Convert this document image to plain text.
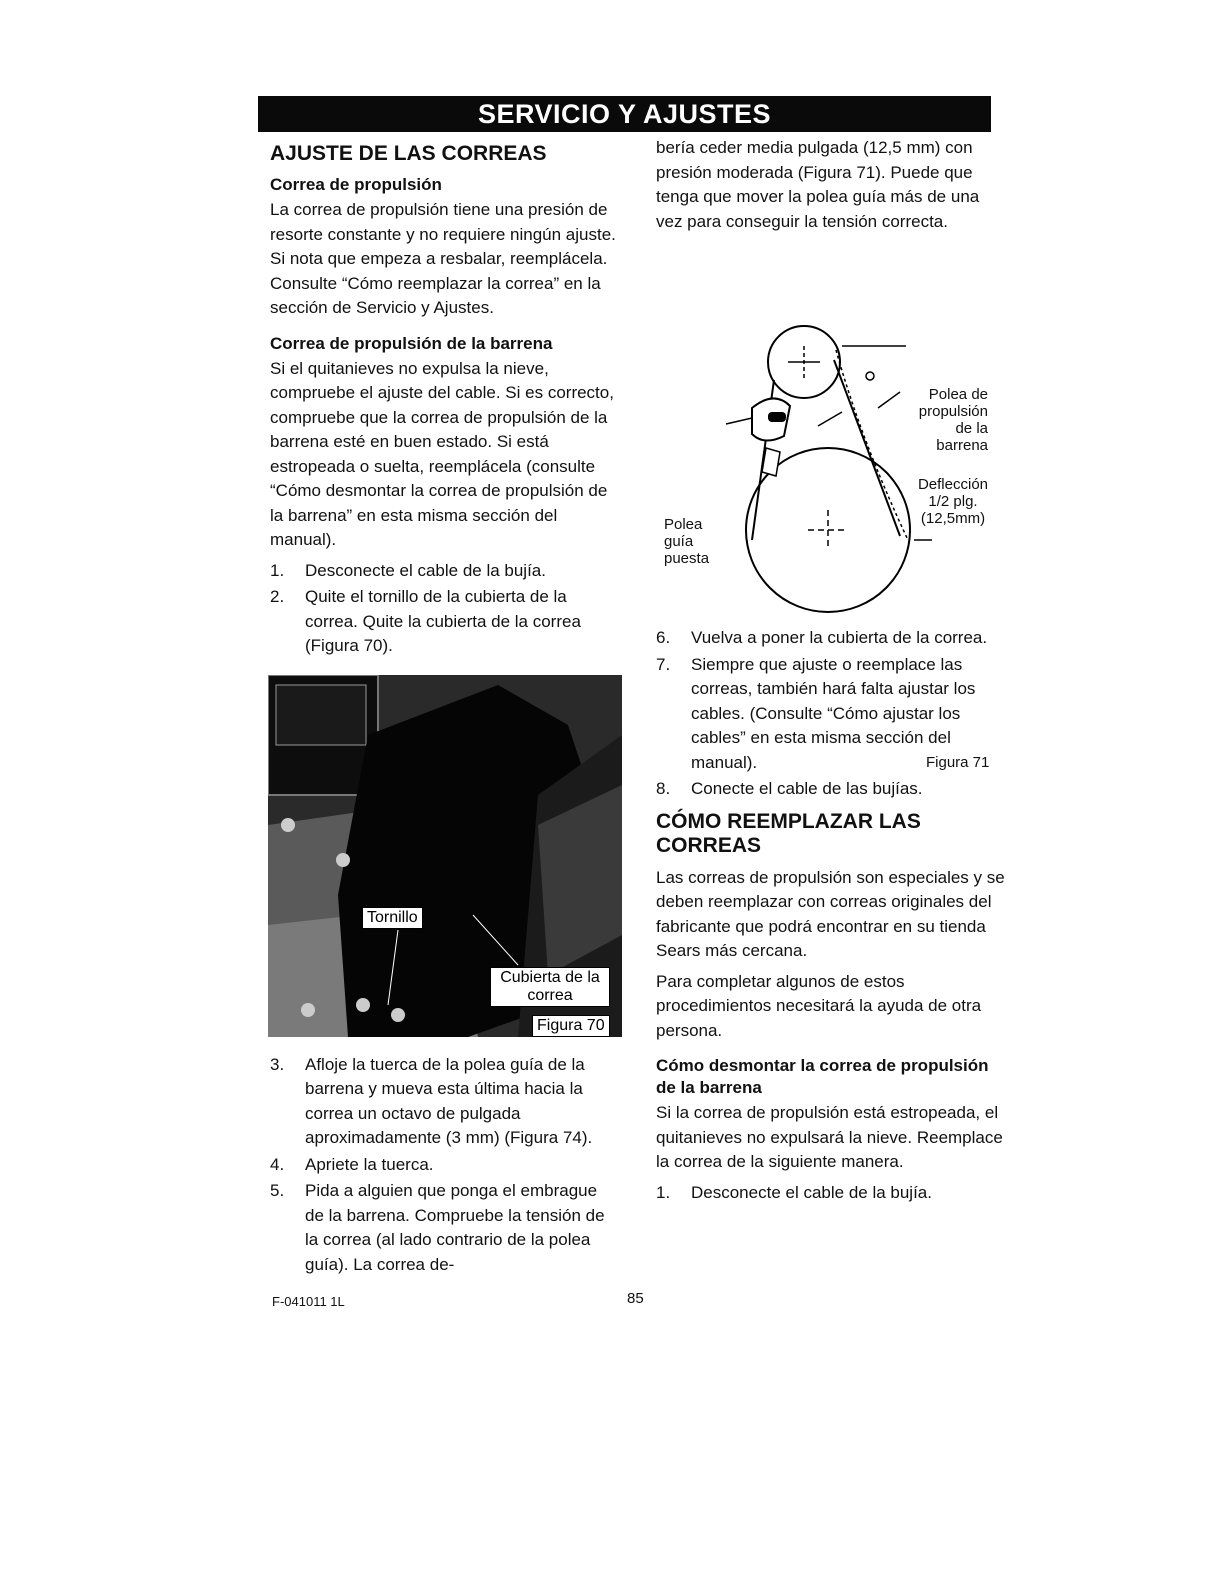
SERVICIO Y AJUSTES
AJUSTE DE LAS CORREAS
Correa de propulsión

La correa de propulsión tiene una presión de resorte constante y no requiere ningún ajuste. Si nota que empeza a resbalar, reemplácela. Consulte “Cómo reemplazar la correa” en la sección de Servicio y Ajustes.

Correa de propulsión de la barrena

Si el quitanieves no expulsa la nieve, compruebe el ajuste del cable. Si es correcto, compruebe que la correa de propulsión de la barrena esté en buen estado. Si está estropeada o suelta, reemplácela (consulte “Cómo desmontar la correa de propulsión de la barrena” en esta misma sección del manual).

1. Desconecte el cable de la bujía.
2. Quite el tornillo de la cubierta de la correa. Quite la cubierta de la correa (Figura 70).
Tornillo
Cubierta de la correa
Figura 70
3. Afloje la tuerca de la polea guía de la barrena y mueva esta última hacia la correa un octavo de pulgada aproximadamente (3 mm) (Figura 74).
4. Apriete la tuerca.
5. Pida a alguien que ponga el embrague de la barrena. Compruebe la tensión de la correa (al lado contrario de la polea guía). La correa de-

bería ceder media pulgada (12,5 mm) con presión moderada (Figura 71). Puede que tenga que mover la polea guía más de una vez para conseguir la tensión correcta.

Polea de propulsión de la barrena
Deflección 1/2 plg. (12,5mm)
Polea guía puesta
Figura 71
6. Vuelva a poner la cubierta de la correa.
7. Siempre que ajuste o reemplace las correas, también hará falta ajustar los cables. (Consulte “Cómo ajustar los cables” en esta misma sección del manual).
8. Conecte el cable de las bujías.
CÓMO REEMPLAZAR LAS CORREAS

Las correas de propulsión son especiales y se deben reemplazar con correas originales del fabricante que podrá encontrar en su tienda Sears más cercana.

Para completar algunos de estos procedimientos necesitará la ayuda de otra persona.

Cómo desmontar la correa de propulsión de la barrena

Si la correa de propulsión está estropeada, el quitanieves no expulsará la nieve. Reemplace la correa de la siguiente manera.

1. Desconecte el cable de la bujía.
F-041011 1L	85
